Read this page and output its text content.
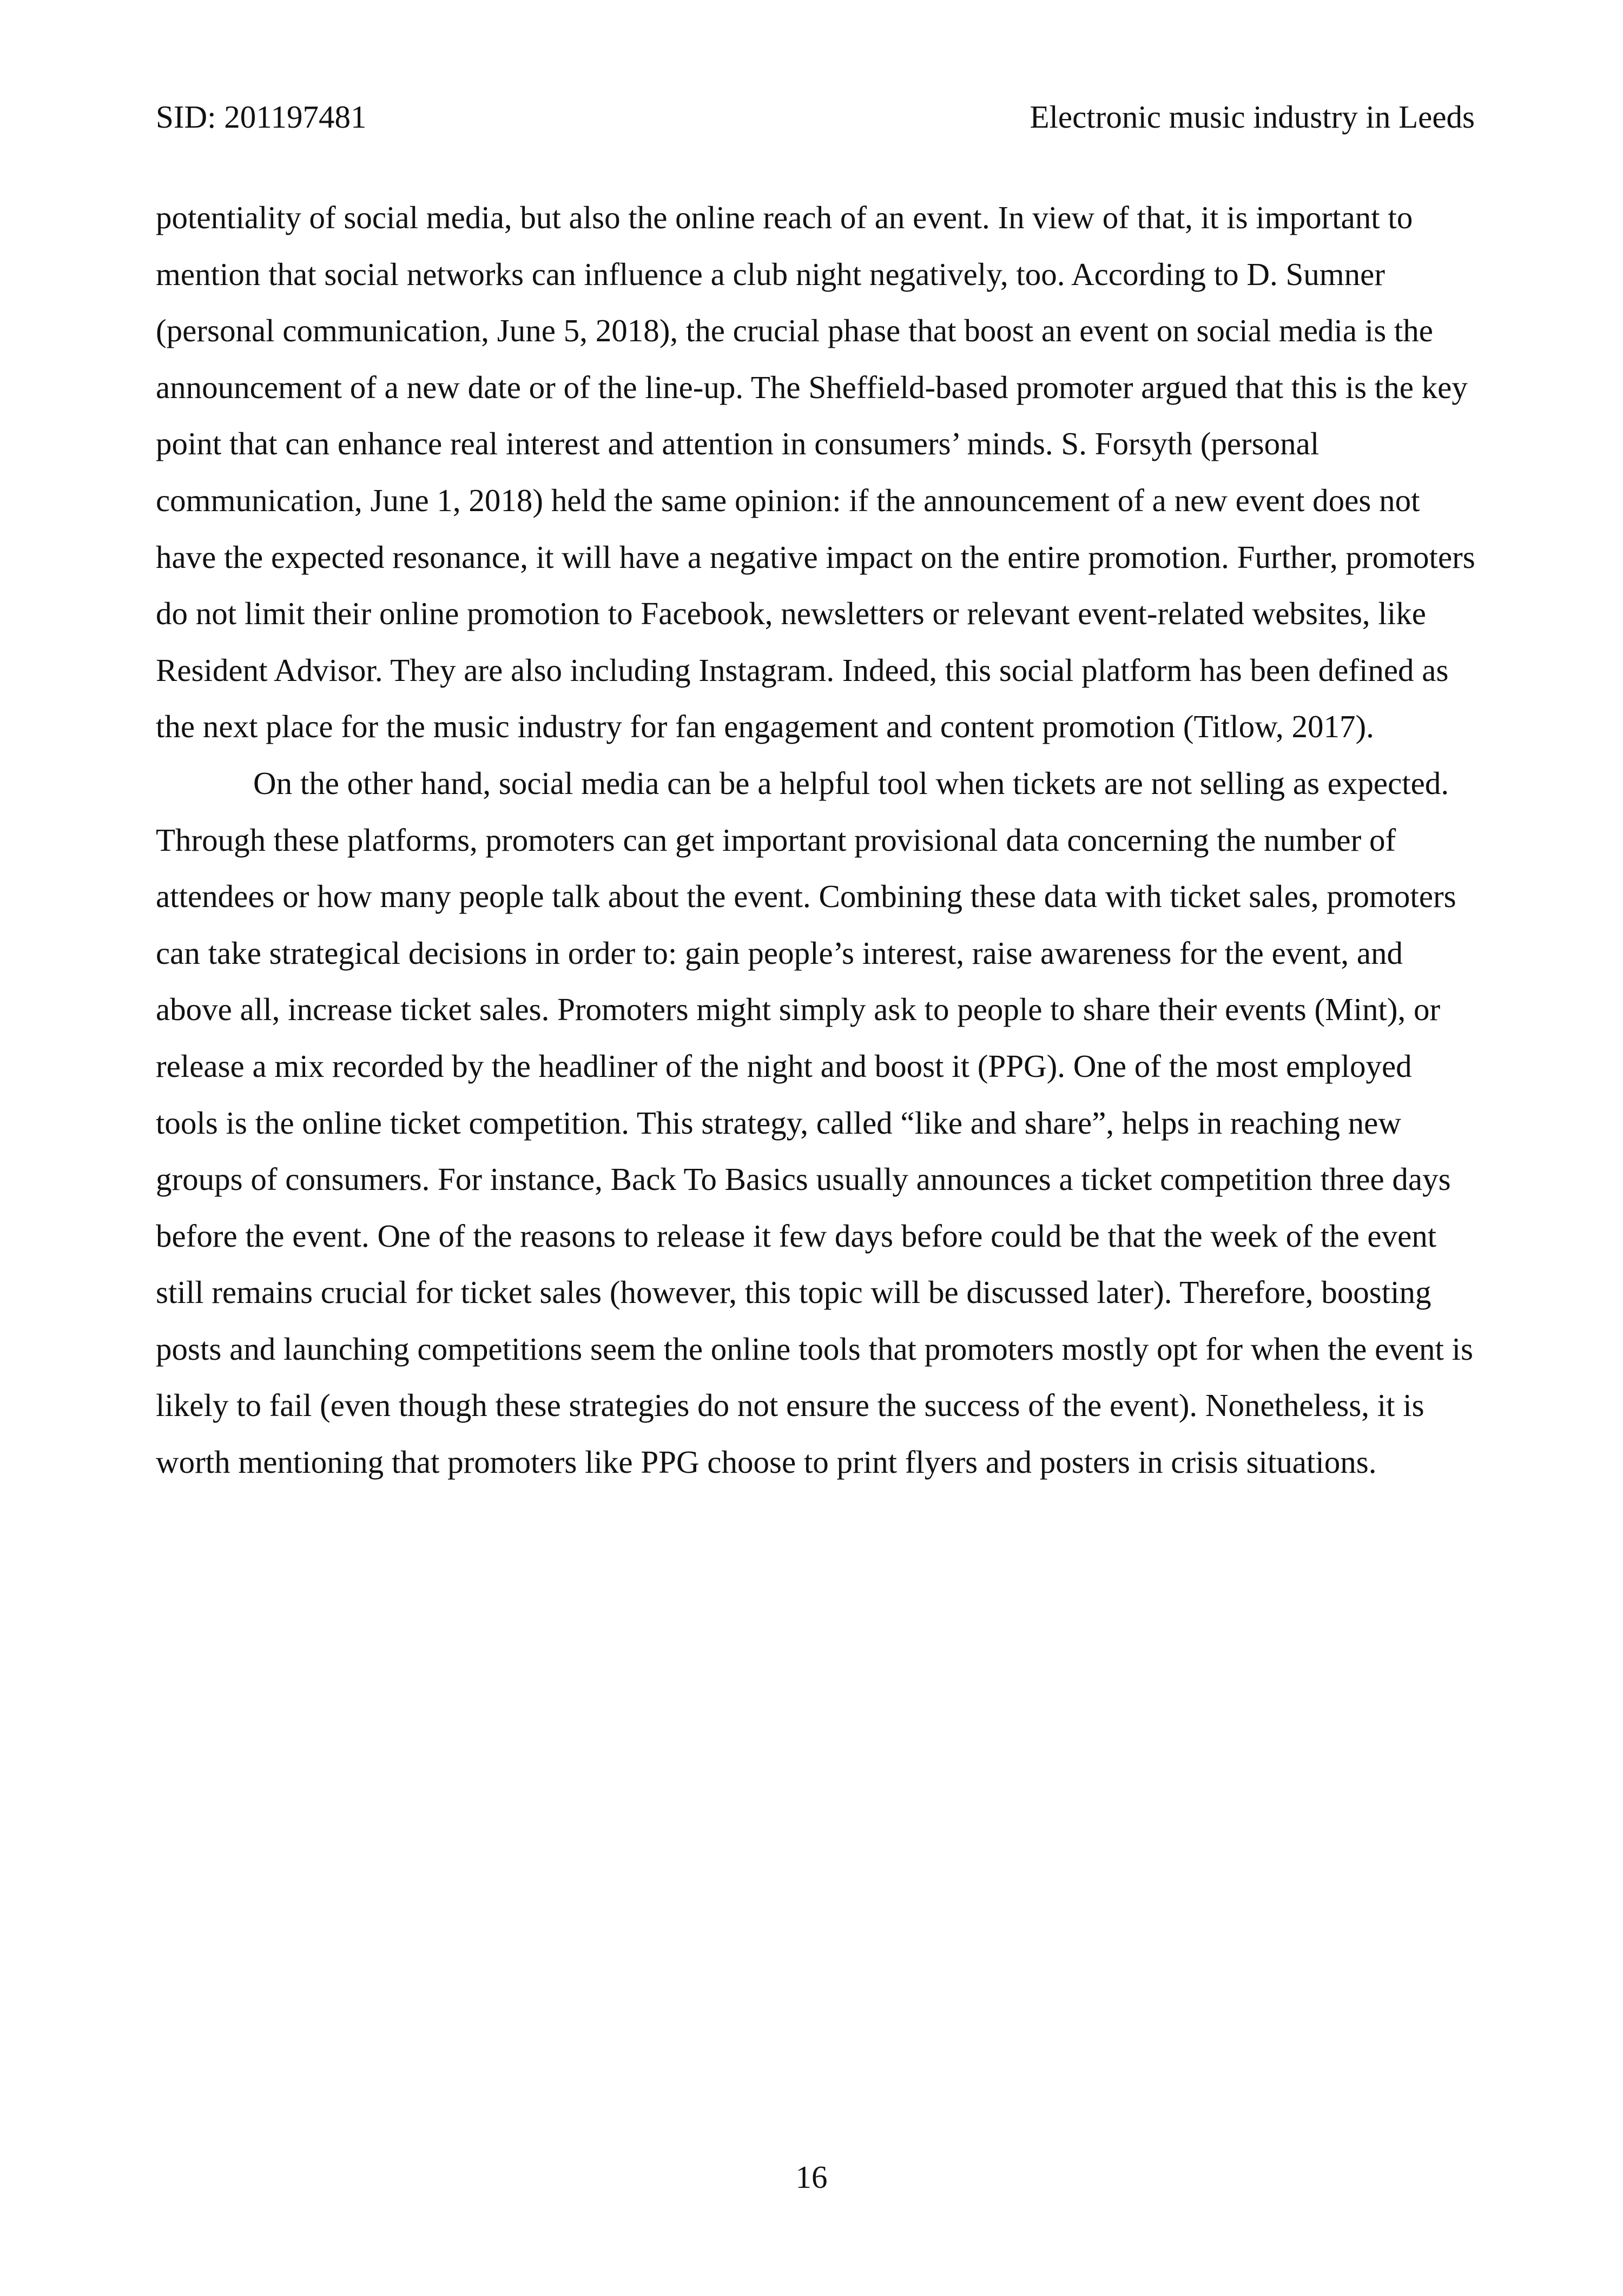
SID: 201197481	Electronic music industry in Leeds

potentiality of social media, but also the online reach of an event. In view of that, it is important to mention that social networks can influence a club night negatively, too. According to D. Sumner (personal communication, June 5, 2018), the crucial phase that boost an event on social media is the announcement of a new date or of the line-up. The Sheffield-based promoter argued that this is the key point that can enhance real interest and attention in consumers’ minds. S. Forsyth (personal communication, June 1, 2018) held the same opinion: if the announcement of a new event does not have the expected resonance, it will have a negative impact on the entire promotion. Further, promoters do not limit their online promotion to Facebook, newsletters or relevant event-related websites, like Resident Advisor. They are also including Instagram. Indeed, this social platform has been defined as the next place for the music industry for fan engagement and content promotion (Titlow, 2017).

On the other hand, social media can be a helpful tool when tickets are not selling as expected. Through these platforms, promoters can get important provisional data concerning the number of attendees or how many people talk about the event. Combining these data with ticket sales, promoters can take strategical decisions in order to: gain people’s interest, raise awareness for the event, and above all, increase ticket sales. Promoters might simply ask to people to share their events (Mint), or release a mix recorded by the headliner of the night and boost it (PPG). One of the most employed tools is the online ticket competition. This strategy, called “like and share”, helps in reaching new groups of consumers. For instance, Back To Basics usually announces a ticket competition three days before the event. One of the reasons to release it few days before could be that the week of the event still remains crucial for ticket sales (however, this topic will be discussed later). Therefore, boosting posts and launching competitions seem the online tools that promoters mostly opt for when the event is likely to fail (even though these strategies do not ensure the success of the event). Nonetheless, it is worth mentioning that promoters like PPG choose to print flyers and posters in crisis situations.

16
